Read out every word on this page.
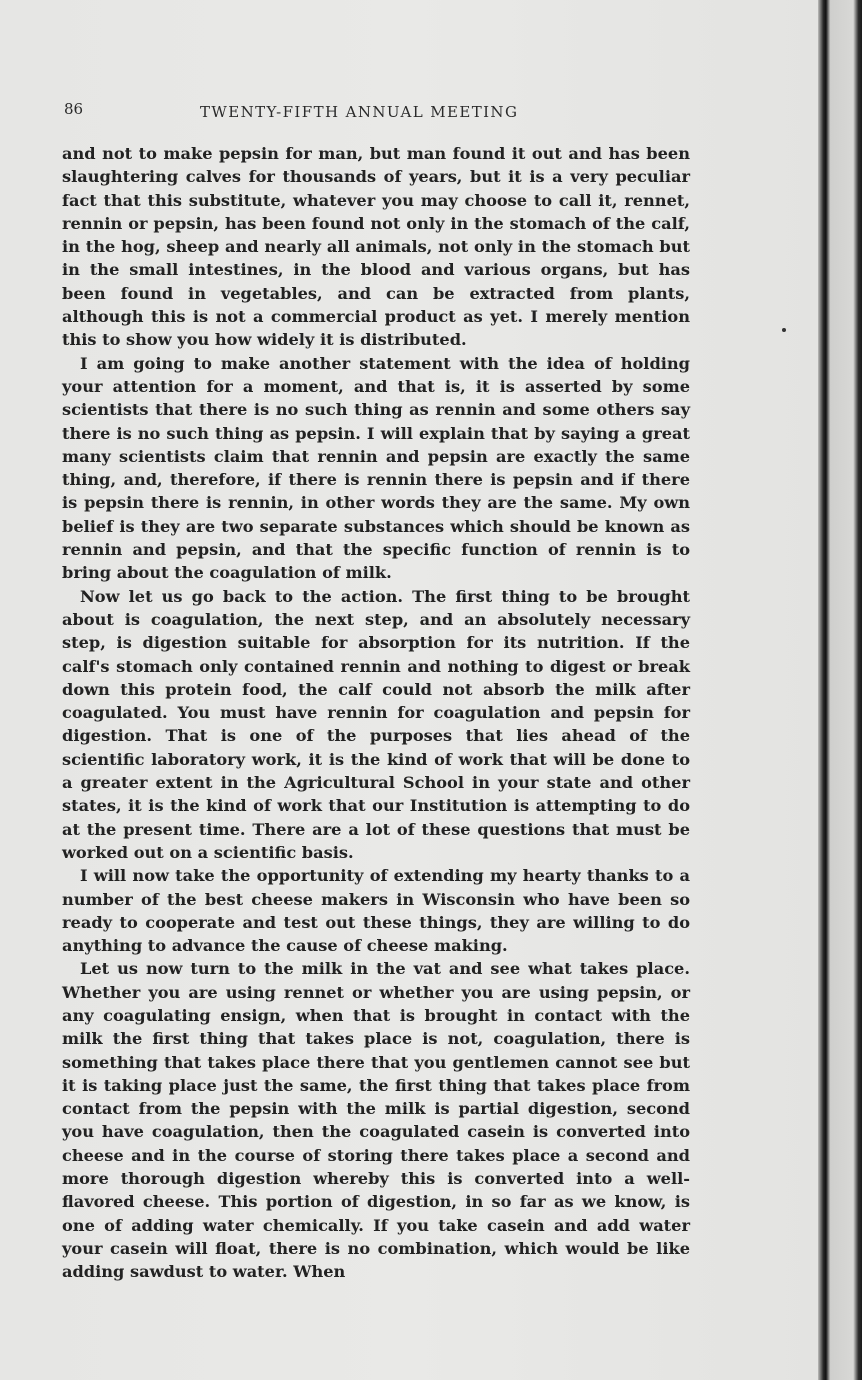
86	TWENTY-FIFTH ANNUAL MEETING

and not to make pepsin for man, but man found it out and has been slaughtering calves for thousands of years, but it is a very peculiar fact that this substitute, whatever you may choose to call it, rennet, rennin or pepsin, has been found not only in the stomach of the calf, in the hog, sheep and nearly all animals, not only in the stomach but in the small intestines, in the blood and various organs, but has been found in vegetables, and can be extracted from plants, although this is not a commercial product as yet. I merely mention this to show you how widely it is distributed.

I am going to make another statement with the idea of holding your attention for a moment, and that is, it is asserted by some scientists that there is no such thing as rennin and some others say there is no such thing as pepsin. I will explain that by saying a great many scientists claim that rennin and pepsin are exactly the same thing, and, therefore, if there is rennin there is pepsin and if there is pepsin there is rennin, in other words they are the same. My own belief is they are two separate substances which should be known as rennin and pepsin, and that the specific function of rennin is to bring about the coagulation of milk.

Now let us go back to the action. The first thing to be brought about is coagulation, the next step, and an absolutely necessary step, is digestion suitable for absorption for its nutrition. If the calf's stomach only contained rennin and nothing to digest or break down this protein food, the calf could not absorb the milk after coagulated. You must have rennin for coagulation and pepsin for digestion. That is one of the purposes that lies ahead of the scientific laboratory work, it is the kind of work that will be done to a greater extent in the Agricultural School in your state and other states, it is the kind of work that our Institution is attempting to do at the present time. There are a lot of these questions that must be worked out on a scientific basis.

I will now take the opportunity of extending my hearty thanks to a number of the best cheese makers in Wisconsin who have been so ready to cooperate and test out these things, they are willing to do anything to advance the cause of cheese making.

Let us now turn to the milk in the vat and see what takes place. Whether you are using rennet or whether you are using pepsin, or any coagulating ensign, when that is brought in contact with the milk the first thing that takes place is not, coagulation, there is something that takes place there that you gentlemen cannot see but it is taking place just the same, the first thing that takes place from contact from the pepsin with the milk is partial digestion, second you have coagulation, then the coagulated casein is converted into cheese and in the course of storing there takes place a second and more thorough digestion whereby this is converted into a well-flavored cheese. This portion of digestion, in so far as we know, is one of adding water chemically. If you take casein and add water your casein will float, there is no combination, which would be like adding sawdust to water. When
